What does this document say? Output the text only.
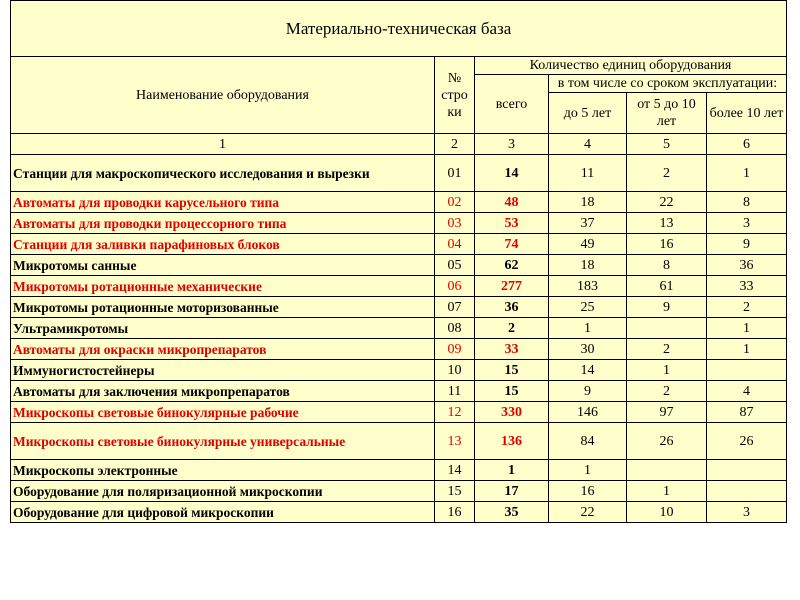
Материально-техническая база					
Наименование оборудования	№ стро ки	Количество единиц оборудования			
		всего	в том числе со сроком эксплуатации:		
			до 5 лет	от 5 до 10 лет	более 10 лет
1	2	3	4	5	6
Станции для макроскопического исследования и вырезки	01	14	11	2	1
Автоматы для проводки карусельного типа	02	48	18	22	8
Автоматы для проводки процессорного типа	03	53	37	13	3
Станции для заливки парафиновых блоков	04	74	49	16	9
Микротомы санные	05	62	18	8	36
Микротомы ротационные механические	06	277	183	61	33
Микротомы ротационные моторизованные	07	36	25	9	2
Ультрамикротомы	08	2	1		1
Автоматы для окраски микропрепаратов	09	33	30	2	1
Иммуногистостейнеры	10	15	14	1	
Автоматы для заключения микропрепаратов	11	15	9	2	4
Микроскопы световые бинокулярные рабочие	12	330	146	97	87
Микроскопы световые бинокулярные универсальные	13	136	84	26	26
Микроскопы электронные	14	1	1		
Оборудование для поляризационной микроскопии	15	17	16	1	
Оборудование для цифровой микроскопии	16	35	22	10	3
